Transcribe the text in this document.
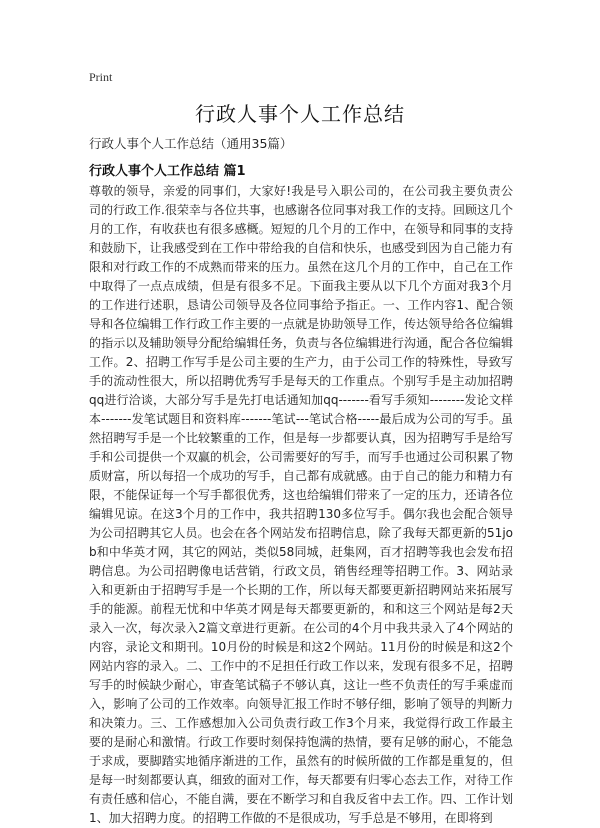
Print
行政人事个人工作总结
行政人事个人工作总结（通用35篇）
行政人事个人工作总结 篇1
尊敬的领导，亲爱的同事们，大家好!我是号入职公司的，在公司我主要负责公司的行政工作.很荣幸与各位共事，也感谢各位同事对我工作的支持。回顾这几个月的工作，有收获也有很多感概。短短的几个月的工作中，在领导和同事的支持和鼓励下，让我感受到在工作中带给我的自信和快乐，也感受到因为自己能力有限和对行政工作的不成熟而带来的压力。虽然在这几个月的工作中，自己在工作中取得了一点点成绩，但是有很多不足。下面我主要从以下几个方面对我3个月的工作进行述职，恳请公司领导及各位同事给予指正。一、工作内容1、配合领导和各位编辑工作行政工作主要的一点就是协助领导工作，传达领导给各位编辑的指示以及辅助领导分配给编辑任务，负责与各位编辑进行沟通，配合各位编辑工作。2、招聘工作写手是公司主要的生产力，由于公司工作的特殊性，导致写手的流动性很大，所以招聘优秀写手是每天的工作重点。个别写手是主动加招聘qq进行洽谈，大部分写手是先打电话通知加qq-------看写手须知--------发论文样本-------发笔试题目和资料库-------笔试---笔试合格-----最后成为公司的写手。虽然招聘写手是一个比较繁重的工作，但是每一步都要认真，因为招聘写手是给写手和公司提供一个双赢的机会，公司需要好的写手，而写手也通过公司积累了物质财富，所以每招一个成功的写手，自己都有成就感。由于自己的能力和精力有限，不能保证每一个写手都很优秀，这也给编辑们带来了一定的压力，还请各位编辑见谅。在这3个月的工作中，我共招聘130多位写手。偶尔我也会配合领导为公司招聘其它人员。也会在各个网站发布招聘信息，除了我每天都更新的51job和中华英才网，其它的网站，类似58同城，赶集网，百才招聘等我也会发布招聘信息。为公司招聘像电话营销，行政文员，销售经理等招聘工作。3、网站录入和更新由于招聘写手是一个长期的工作，所以每天都要更新招聘网站来拓展写手的能源。前程无忧和中华英才网是每天都要更新的，和和这三个网站是每2天录入一次，每次录入2篇文章进行更新。在公司的4个月中我共录入了4个网站的内容，录论文和期刊。10月份的时候是和这2个网站。11月份的时候是和这2个网站内容的录入。二、工作中的不足担任行政工作以来，发现有很多不足，招聘写手的时候缺少耐心，审查笔试稿子不够认真，这让一些不负责任的写手乘虚而入，影响了公司的工作效率。向领导汇报工作时不够仔细，影响了领导的判断力和决策力。三、工作感想加入公司负责行政工作3个月来，我觉得行政工作最主要的是耐心和激情。行政工作要时刻保持饱满的热情，要有足够的耐心，不能急于求成，要脚踏实地循序渐进的工作，虽然有的时候所做的工作都是重复的，但是每一时刻都要认真，细致的面对工作，每天都要有归零心态去工作，对待工作有责任感和信心，不能自满，要在不断学习和自我反省中去工作。四、工作计划1、加大招聘力度。的招聘工作做的不是很成功，写手总是不够用，在即将到
